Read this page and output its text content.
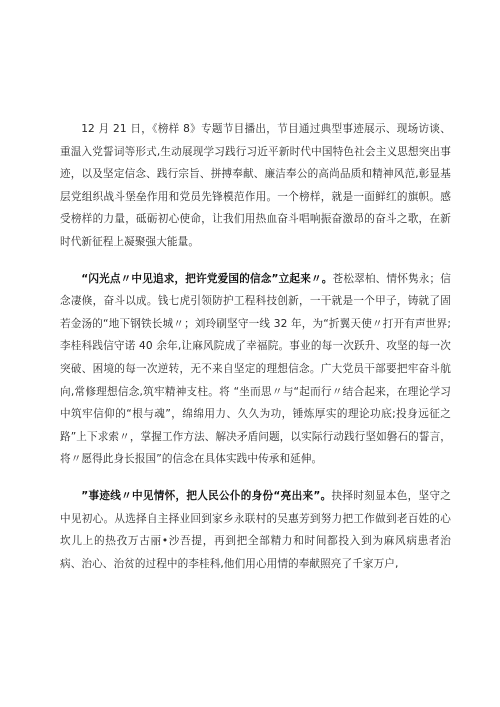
12 月 21 日，《榜样 8》专题节目播出，节目通过典型事迹展示、现场访谈、重温入党誓词等形式,生动展现学习践行习近平新时代中国特色社会主义思想突出事迹，以及坚定信念、践行宗旨、拼搏奉献、廉洁奉公的高尚品质和精神风范,彰显基层党组织战斗堡垒作用和党员先锋模范作用。一个榜样，就是一面鲜红的旗帜。感受榜样的力量，砥砺初心使命，让我们用热血奋斗唱响振奋激昂的奋斗之歌，在新时代新征程上凝聚强大能量。

“闪光点〃中见追求，把许党爱国的信念”立起来〃。苍松翠柏、情怀隽永；信念凄倏，奋斗以成。钱七虎引领防护工程科技创新，一干就是一个甲子，铸就了固若金汤的“地下钢铁长城〃；刘玲刷坚守一线 32 年，为“折翼天使〃打开有声世界;李桂科践信守诺 40 余年,让麻风院成了幸福院。事业的每一次跃升、攻坚的每一次突破、困境的每一次逆转，无不来自坚定的理想信念。广大党员干部要把牢奋斗航向,常修理想信念,筑牢精神支柱。将 “坐而思〃与“起而行〃结合起来，在理论学习中筑牢信仰的“根与魂”，绵绵用力、久久为功，锤炼厚实的理论功底;投身远征之路”上下求索〃，掌握工作方法、解决矛盾问题，以实际行动践行坚如磐石的誓言，将〃愿得此身长报国”的信念在具体实践中传承和延伸。

”事迹线〃中见情怀，把人民公仆的身份“亮出来”。抉择时刻显本色，坚守之中见初心。从选择自主择业回到家乡永联村的吴惠芳到努力把工作做到老百姓的心坎儿上的热孜万古丽•沙吾提，再到把全部精力和时间都投入到为麻风病患者治病、治心、治贫的过程中的李桂科,他们用心用情的奉献照亮了千家万户,
